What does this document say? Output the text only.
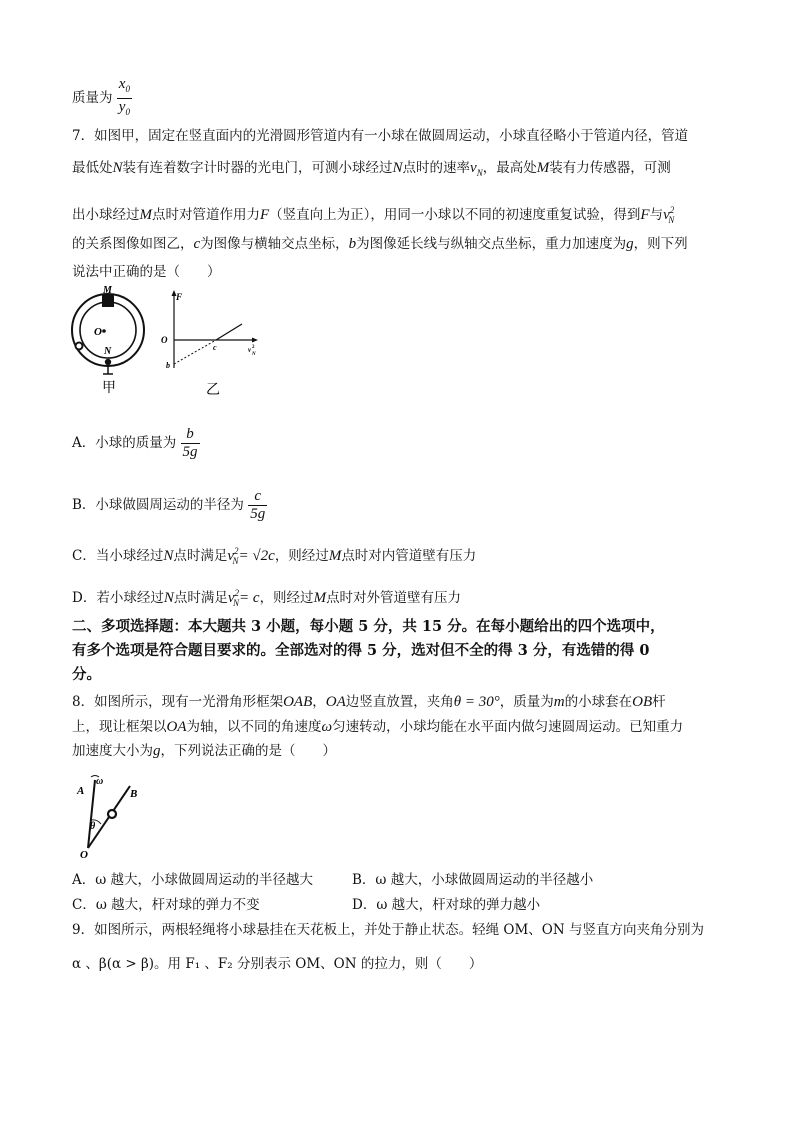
质量为 $\frac{x_0}{y_0}$
7．如图甲，固定在竖直面内的光滑圆形管道内有一小球在做圆周运动，小球直径略小于管道内径，管道
最低处N装有连着数字计时器的光电门，可测小球经过N点时的速率$v_N$，最高处M装有力传感器，可测
出小球经过M点时对管道作用力F（竖直向上为正），用同一小球以不同的初速度重复试验，得到F与$v^2_N$
的关系图像如图乙，c为图像与横轴交点坐标，b为图像延长线与纵轴交点坐标，重力加速度为g，则下列
说法中正确的是（　　）
M
O
N
甲
F
O
c
b
v 2
N
乙
A．小球的质量为 $\frac{b}{5g}$
B．小球做圆周运动的半径为 $\frac{c}{5g}$
C．当小球经过N点时满足$v^2_N= √2c$，则经过M点时对内管道壁有压力
D．若小球经过N点时满足$v^2_N= c$，则经过M点时对外管道壁有压力
二、多项选择题：本大题共 3 小题，每小题 5 分，共 15 分。在每小题给出的四个选项中，
有多个选项是符合题目要求的。全部选对的得 5 分，选对但不全的得 3 分，有选错的得 0
分。
8．如图所示，现有一光滑角形框架OAB，OA边竖直放置，夹角θ = 30°，质量为m的小球套在OB杆
上，现让框架以OA为轴，以不同的角速度ω匀速转动，小球均能在水平面内做匀速圆周运动。已知重力
加速度大小为g，下列说法正确的是（　　）
ω
A	B
θ
O
A．ω 越大，小球做圆周运动的半径越大	B．ω 越大，小球做圆周运动的半径越小
C．ω 越大，杆对球的弹力不变	D．ω 越大，杆对球的弹力越小
9．如图所示，两根轻绳将小球悬挂在天花板上，并处于静止状态。轻绳 OM、ON 与竖直方向夹角分别为
α 、β(α > β)。用 F₁ 、F₂ 分别表示 OM、ON 的拉力，则（　　）
